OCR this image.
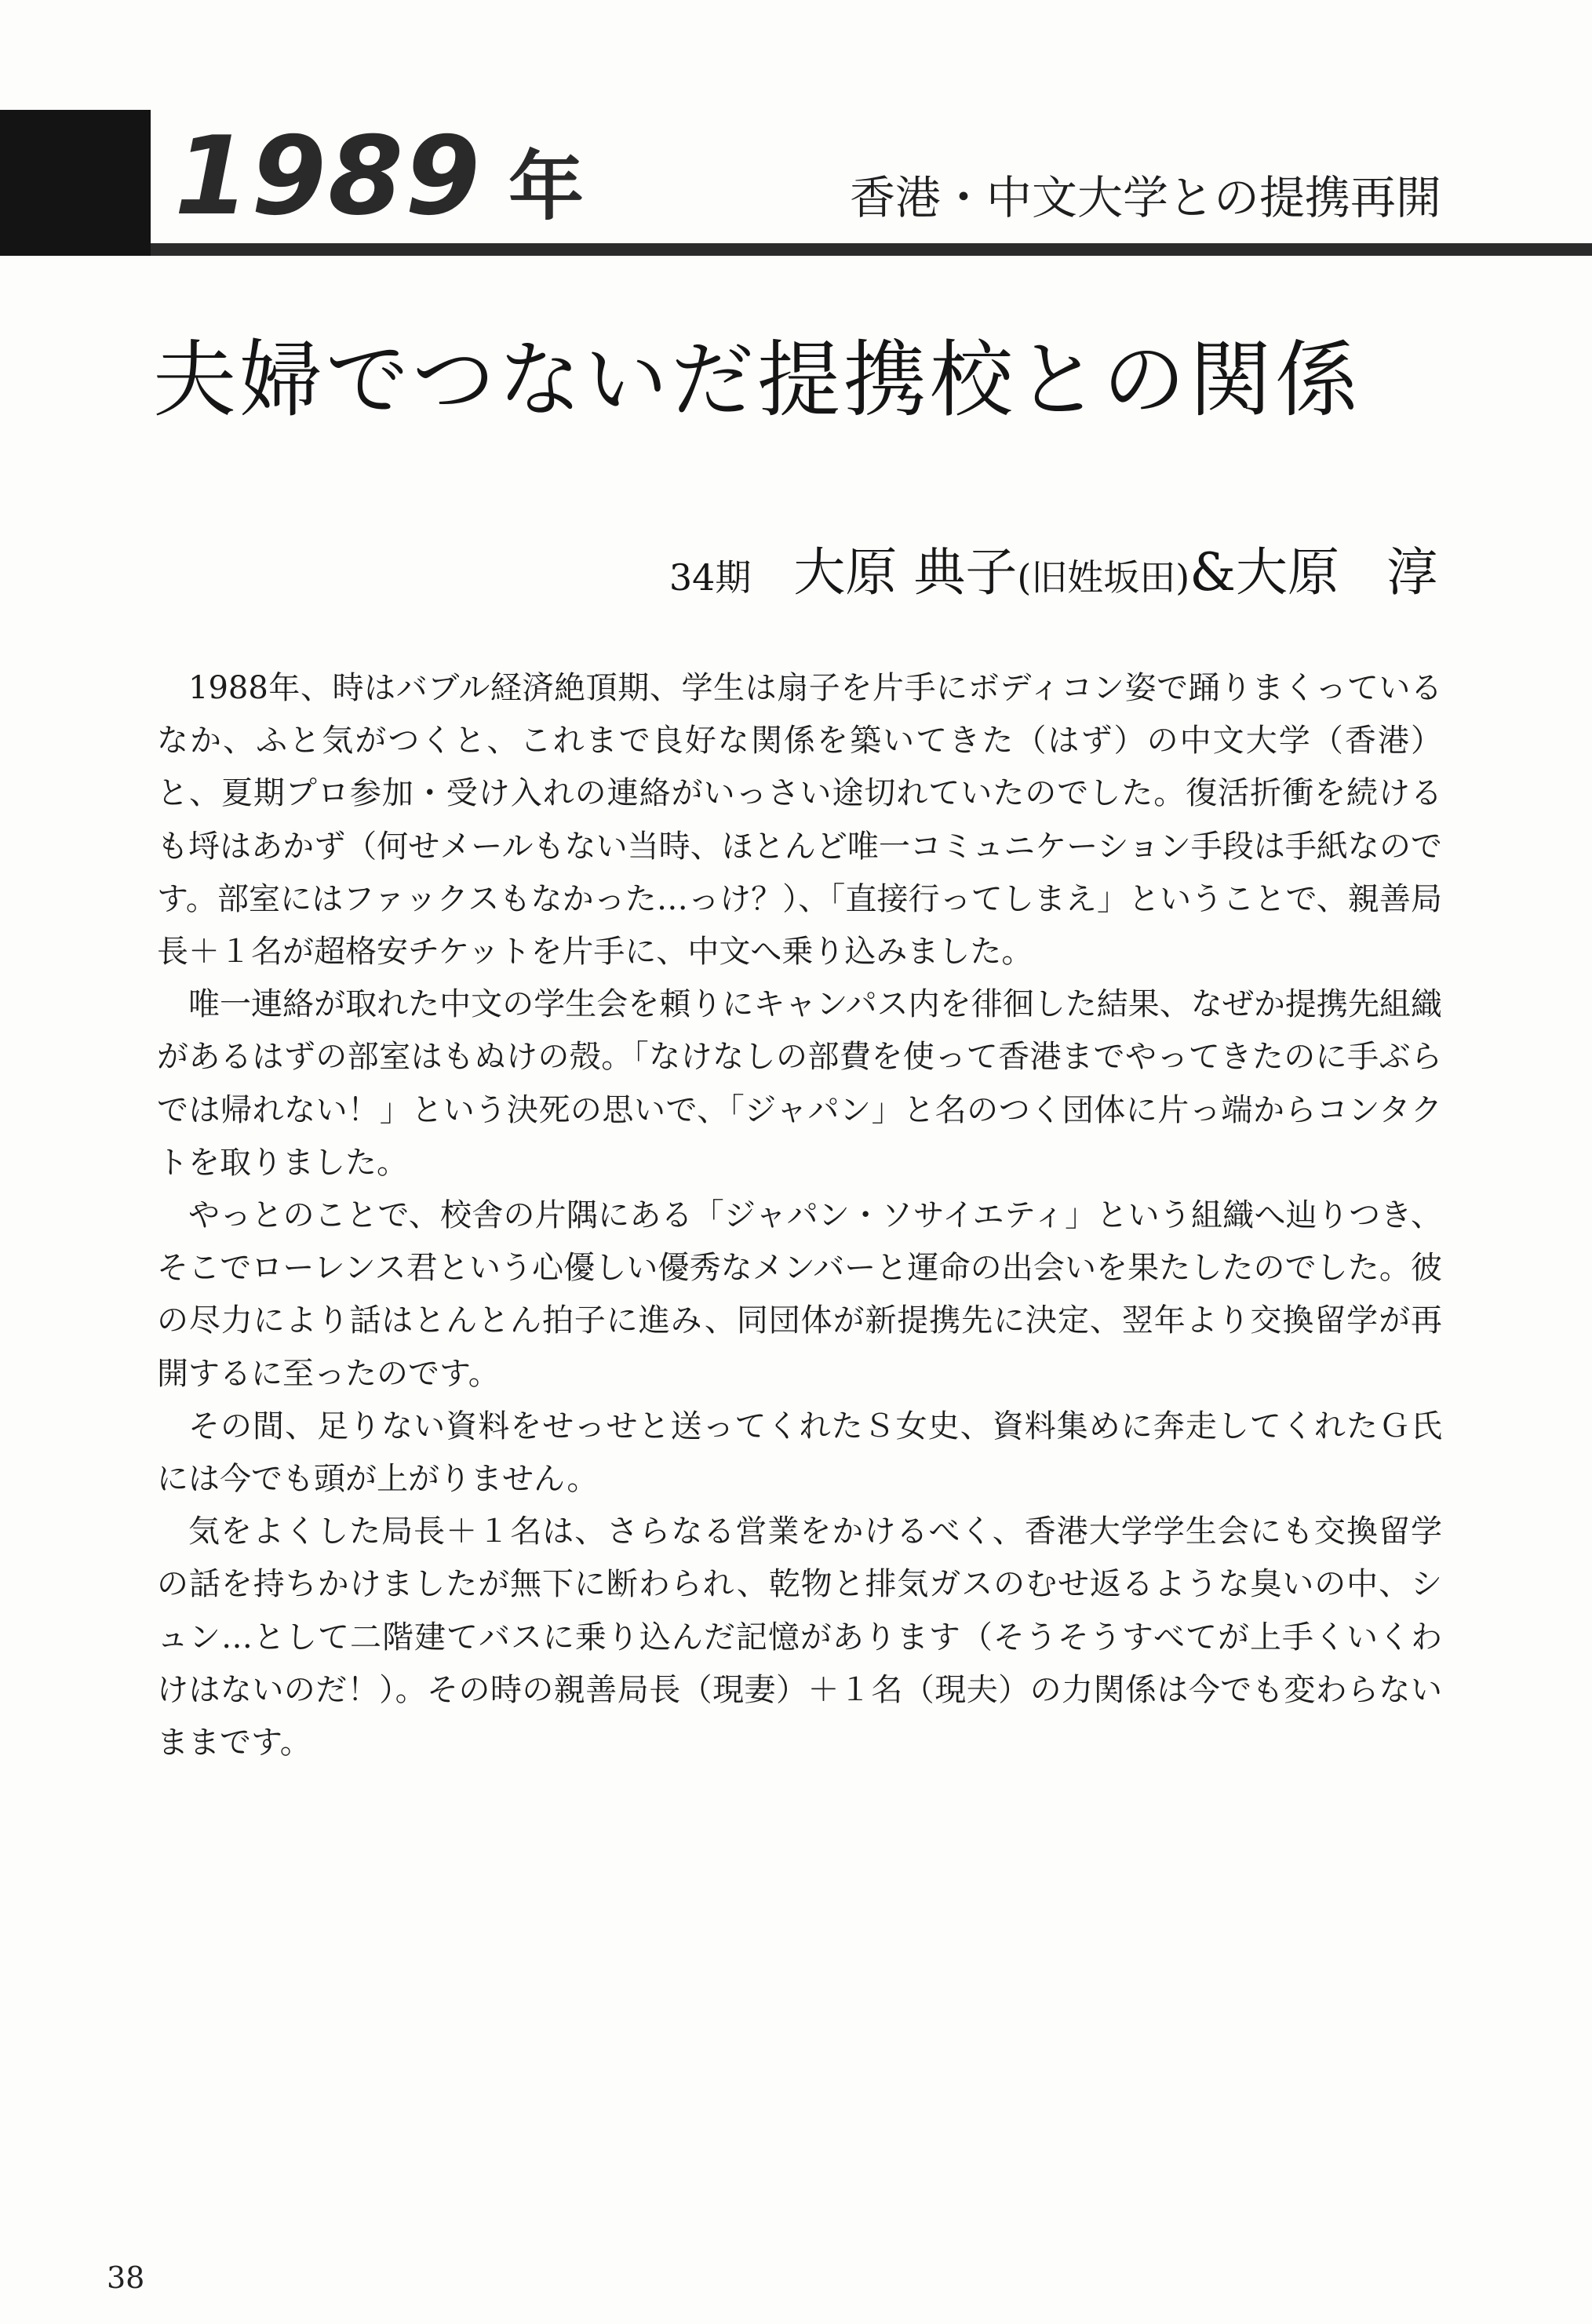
1989 年	香港・中文大学との提携再開
夫婦でつないだ提携校との関係
34期 大原 典子(旧姓坂田)&大原 淳

1988年、時はバブル経済絶頂期、学生は扇子を片手にボディコン姿で踊りまくっているなか、ふと気がつくと、これまで良好な関係を築いてきた（はず）の中文大学（香港）と、夏期プロ参加・受け入れの連絡がいっさい途切れていたのでした。復活折衝を続けるも埒はあかず（何せメールもない当時、ほとんど唯一コミュニケーション手段は手紙なのです。部室にはファックスもなかった…っけ？）、「直接行ってしまえ」ということで、親善局長＋１名が超格安チケットを片手に、中文へ乗り込みました。

唯一連絡が取れた中文の学生会を頼りにキャンパス内を徘徊した結果、なぜか提携先組織があるはずの部室はもぬけの殻。「なけなしの部費を使って香港までやってきたのに手ぶらでは帰れない！」という決死の思いで、「ジャパン」と名のつく団体に片っ端からコンタクトを取りました。

やっとのことで、校舎の片隅にある「ジャパン・ソサイエティ」という組織へ辿りつき、そこでローレンス君という心優しい優秀なメンバーと運命の出会いを果たしたのでした。彼の尽力により話はとんとん拍子に進み、同団体が新提携先に決定、翌年より交換留学が再開するに至ったのです。

その間、足りない資料をせっせと送ってくれたＳ女史、資料集めに奔走してくれたＧ氏には今でも頭が上がりません。

気をよくした局長＋１名は、さらなる営業をかけるべく、香港大学学生会にも交換留学の話を持ちかけましたが無下に断わられ、乾物と排気ガスのむせ返るような臭いの中、シュン…として二階建てバスに乗り込んだ記憶があります（そうそうすべてが上手くいくわけはないのだ！）。その時の親善局長（現妻）＋１名（現夫）の力関係は今でも変わらないままです。

38
